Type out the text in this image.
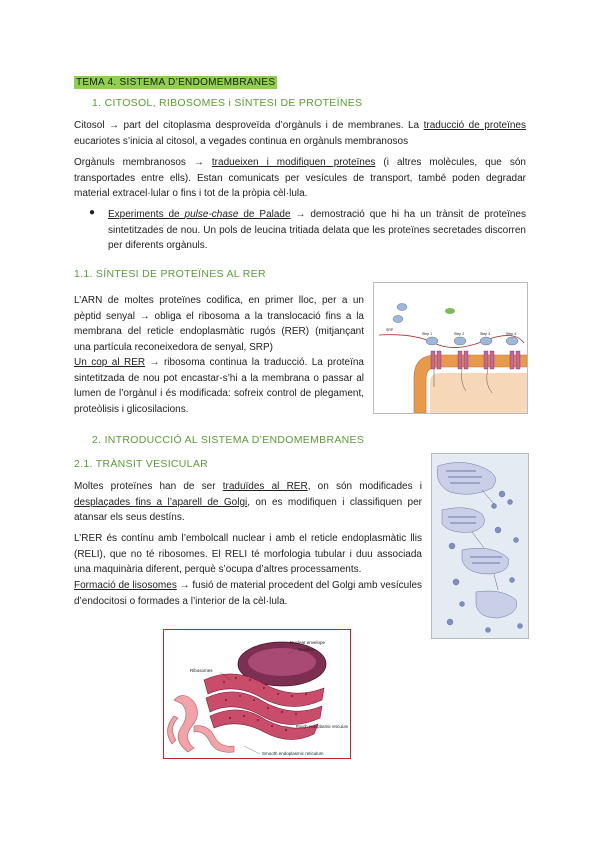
TEMA 4. SISTEMA D’ENDOMEMBRANES

1. CITOSOL, RIBOSOMES i SÍNTESI DE PROTEÏNES

Citosol → part del citoplasma desproveïda d’orgànuls i de membranes. La traducció de proteïnes eucariotes s’inicia al citosol, a vegades continua en orgànuls membranosos

Orgànuls membranosos → tradueixen i modifiquen proteïnes (i altres molècules, que són transportades entre ells). Estan comunicats per vesícules de transport, també poden degradar material extracel·lular o fins i tot de la pròpia cèl·lula.

● Experiments de pulse-chase de Palade → demostració que hi ha un trànsit de proteïnes sintetitzades de nou. Un pols de leucina tritiada delata que les proteïnes secretades discorren per diferents orgànuls.

1.1. SÍNTESI DE PROTEÏNES AL RER

L’ARN de moltes proteïnes codifica, en primer lloc, per a un pèptid senyal → obliga el ribosoma a la translocació fins a la membrana del reticle endoplasmàtic rugós (RER) (mitjançant una partícula reconeixedora de senyal, SRP)

Un cop al RER → ribosoma continua la traducció. La proteïna sintetitzada de nou pot encastar-s’hi a la membrana o passar al lumen de l’orgànul i és modificada: sofreix control de plegament, proteòlisis i glicosilacions.

SRP
Step 1	Step 2	Step 3	Step 4

2. INTRODUCCIÓ AL SISTEMA D’ENDOMEMBRANES

2.1. TRÀNSIT VESICULAR

Moltes proteïnes han de ser traduïdes al RER, on són modificades i desplaçades fins a l’aparell de Golgi, on es modifiquen i classifiquen per atansar els seus destíns.

L’RER és contínu amb l’embolcall nuclear i amb el reticle endoplasmàtic llis (RELI), que no té ribosomes. El RELI té morfologia tubular i duu associada una maquinària diferent, perquè s’ocupa d’altres processaments.

Formació de lisosomes → fusió de material procedent del Golgi amb vesícules d’endocitosi o formades a l’interior de la cèl·lula.

Nuclear envelope
Nucleus
Ribosomes
Rough endoplasmic reticulum
Smooth endoplasmic reticulum
